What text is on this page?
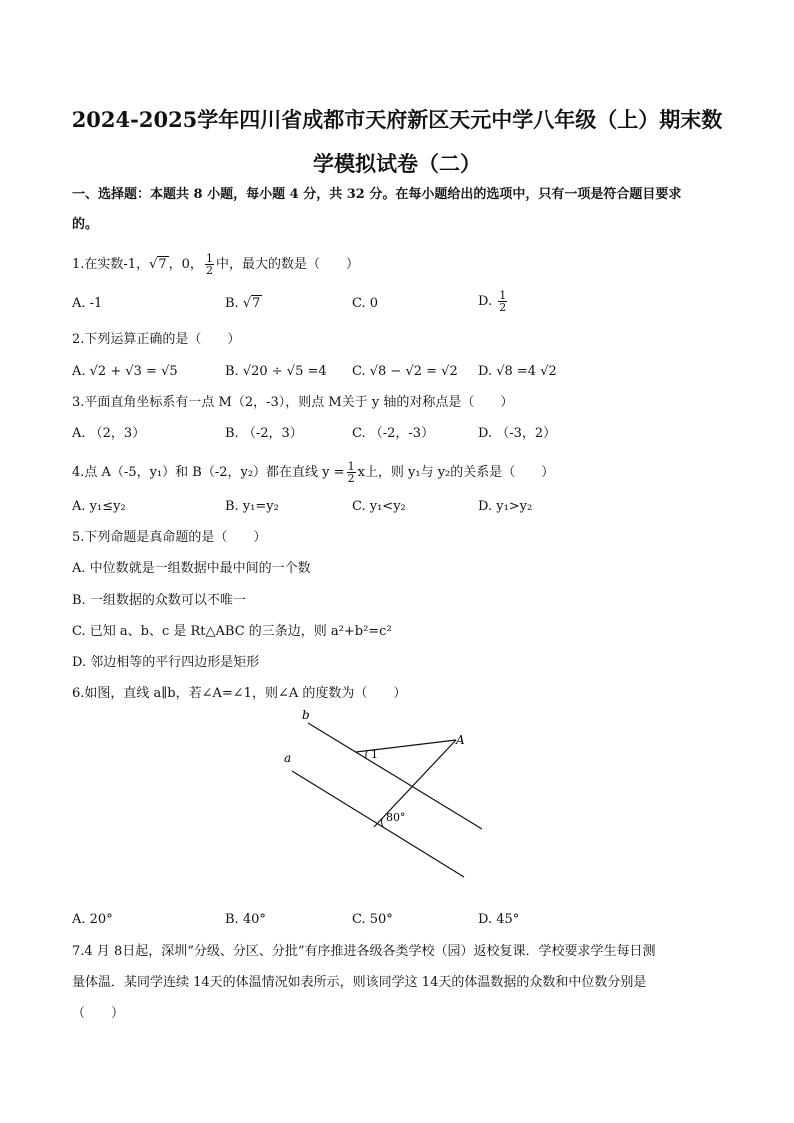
2024-2025学年四川省成都市天府新区天元中学八年级（上）期末数
学模拟试卷（二）
一、选择题：本题共 8 小题，每小题 4 分，共 32 分。在每小题给出的选项中，只有一项是符合题目要求
的。
1.在实数-1，√7 ，0， $\frac{1}{2}$ 中，最大的数是（　　）
A. -1	B. √7	C. 0	D. $\frac{1}{2}$
2.下列运算正确的是（　　）
A. √2 + √3 = √5	B. √20 ÷ √5 =4 C. √8 − √2 = √2 D. √8 =4 √2
3.平面直角坐标系有一点 M（2，-3），则点 M关于 y 轴的对称点是（　　）
A. （2，3）	B. （-2，3）	C. （-2，-3）	D. （-3，2）
4.点 A（-5，y₁）和 B（-2，y₂）都在直线 $y = \frac{1}{2}$ x上，则 y₁与 y₂的关系是（　　）
A. y₁≤y₂	B. y₁=y₂	C. y₁<y₂	D. y₁>y₂
5.下列命题是真命题的是（　　）
A. 中位数就是一组数据中最中间的一个数
B. 一组数据的众数可以不唯一
C. 已知 a、b、c 是 Rt△ABC 的三条边，则 a²+b²=c²
D. 邻边相等的平行四边形是矩形
6.如图，直线 a∥b，若∠A=∠1，则∠A 的度数为（　　）
b
a
A
1
80°
A. 20°	B. 40°	C. 50°	D. 45°
7.4 月 8日起，深圳“分级、分区、分批”有序推进各级各类学校（园）返校复课．学校要求学生每日测
量体温．某同学连续 14天的体温情况如表所示，则该同学这 14天的体温数据的众数和中位数分别是
（　　）
